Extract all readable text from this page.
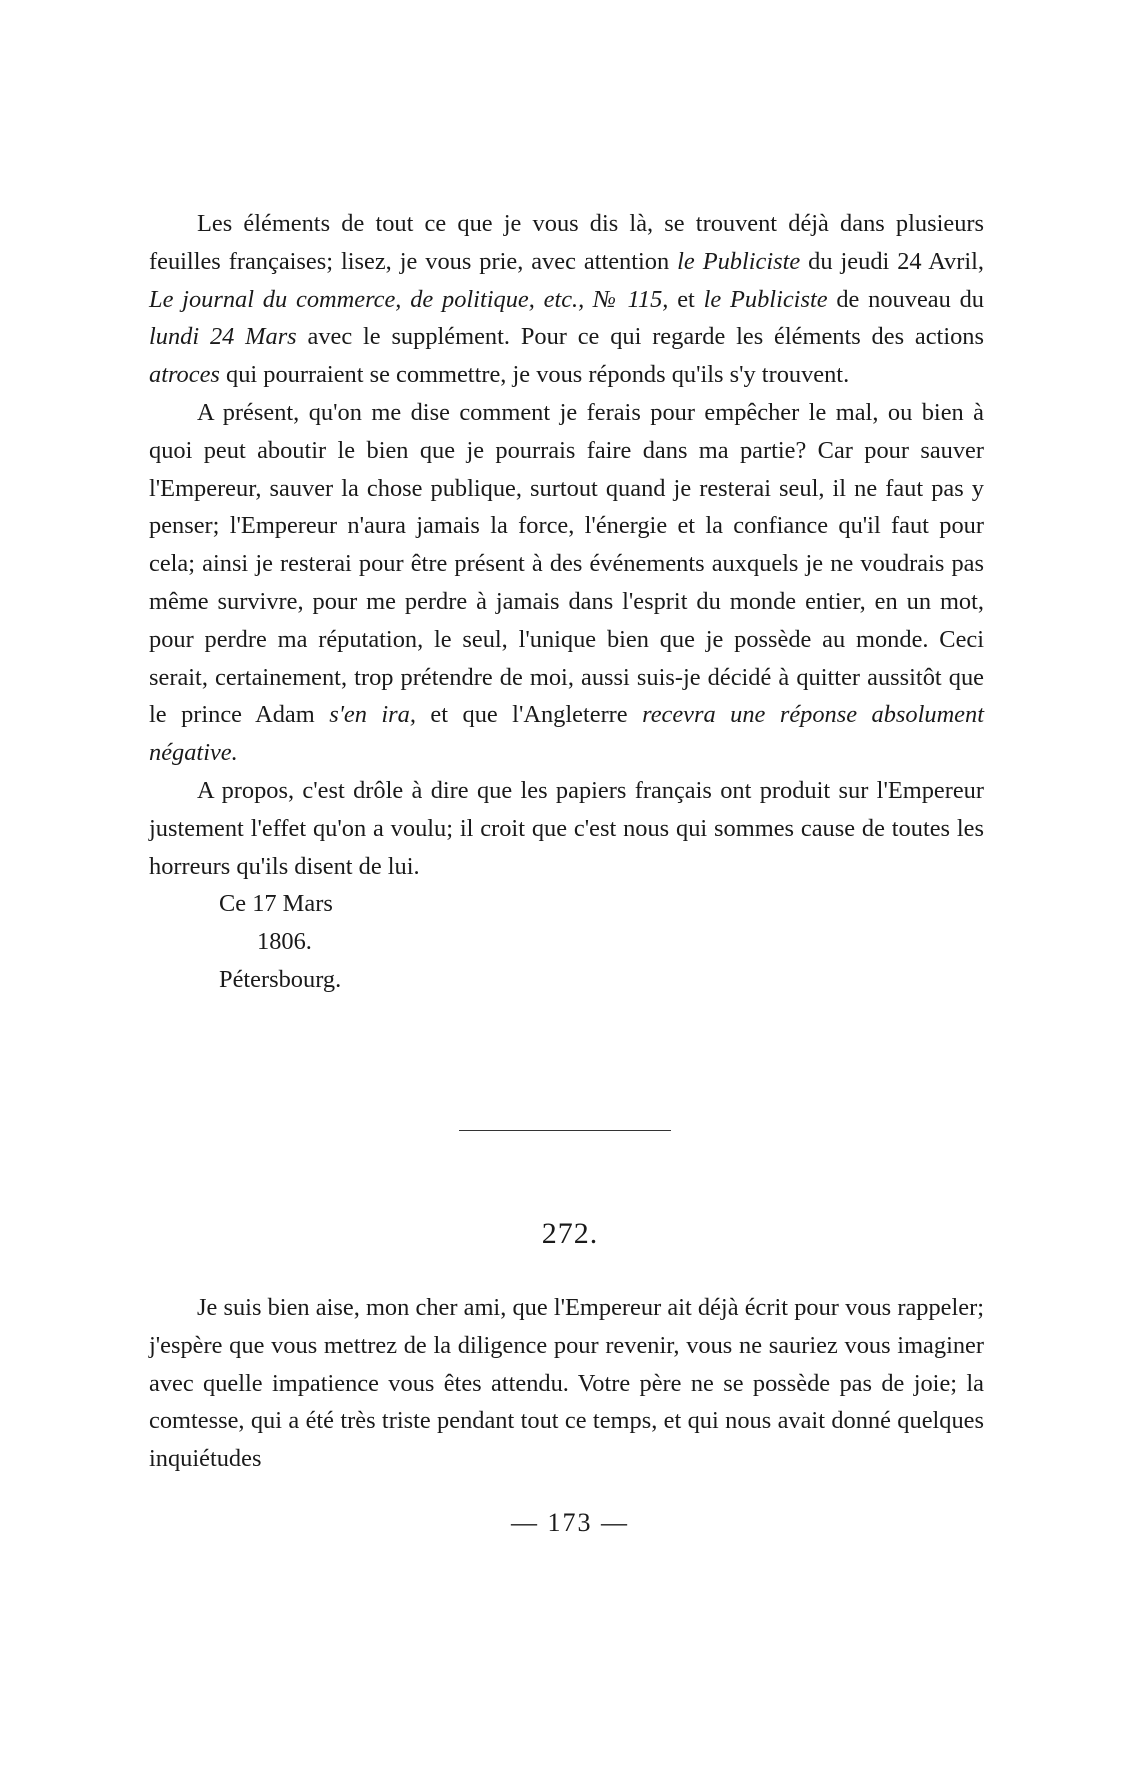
Les éléments de tout ce que je vous dis là, se trouvent déjà dans plusieurs feuilles françaises; lisez, je vous prie, avec attention le Publiciste du jeudi 24 Avril, Le journal du commerce, de politique, etc., № 115, et le Publiciste de nouveau du lundi 24 Mars avec le supplément. Pour ce qui regarde les éléments des actions atroces qui pourraient se commettre, je vous réponds qu'ils s'y trouvent.

A présent, qu'on me dise comment je ferais pour empêcher le mal, ou bien à quoi peut aboutir le bien que je pourrais faire dans ma partie? Car pour sauver l'Empereur, sauver la chose publique, surtout quand je resterai seul, il ne faut pas y penser; l'Empereur n'aura jamais la force, l'énergie et la confiance qu'il faut pour cela; ainsi je resterai pour être présent à des événements auxquels je ne voudrais pas même survivre, pour me perdre à jamais dans l'esprit du monde entier, en un mot, pour perdre ma réputation, le seul, l'unique bien que je possède au monde. Ceci serait, certainement, trop prétendre de moi, aussi suis-je décidé à quitter aussitôt que le prince Adam s'en ira, et que l'Angleterre recevra une réponse absolument négative.

A propos, c'est drôle à dire que les papiers français ont produit sur l'Empereur justement l'effet qu'on a voulu; il croit que c'est nous qui sommes cause de toutes les horreurs qu'ils disent de lui.

Ce 17 Mars
1806.
Pétersbourg.
272.

Je suis bien aise, mon cher ami, que l'Empereur ait déjà écrit pour vous rappeler; j'espère que vous mettrez de la diligence pour revenir, vous ne sauriez vous imaginer avec quelle impatience vous êtes attendu. Votre père ne se possède pas de joie; la comtesse, qui a été très triste pendant tout ce temps, et qui nous avait donné quelques inquiétudes

— 173 —
